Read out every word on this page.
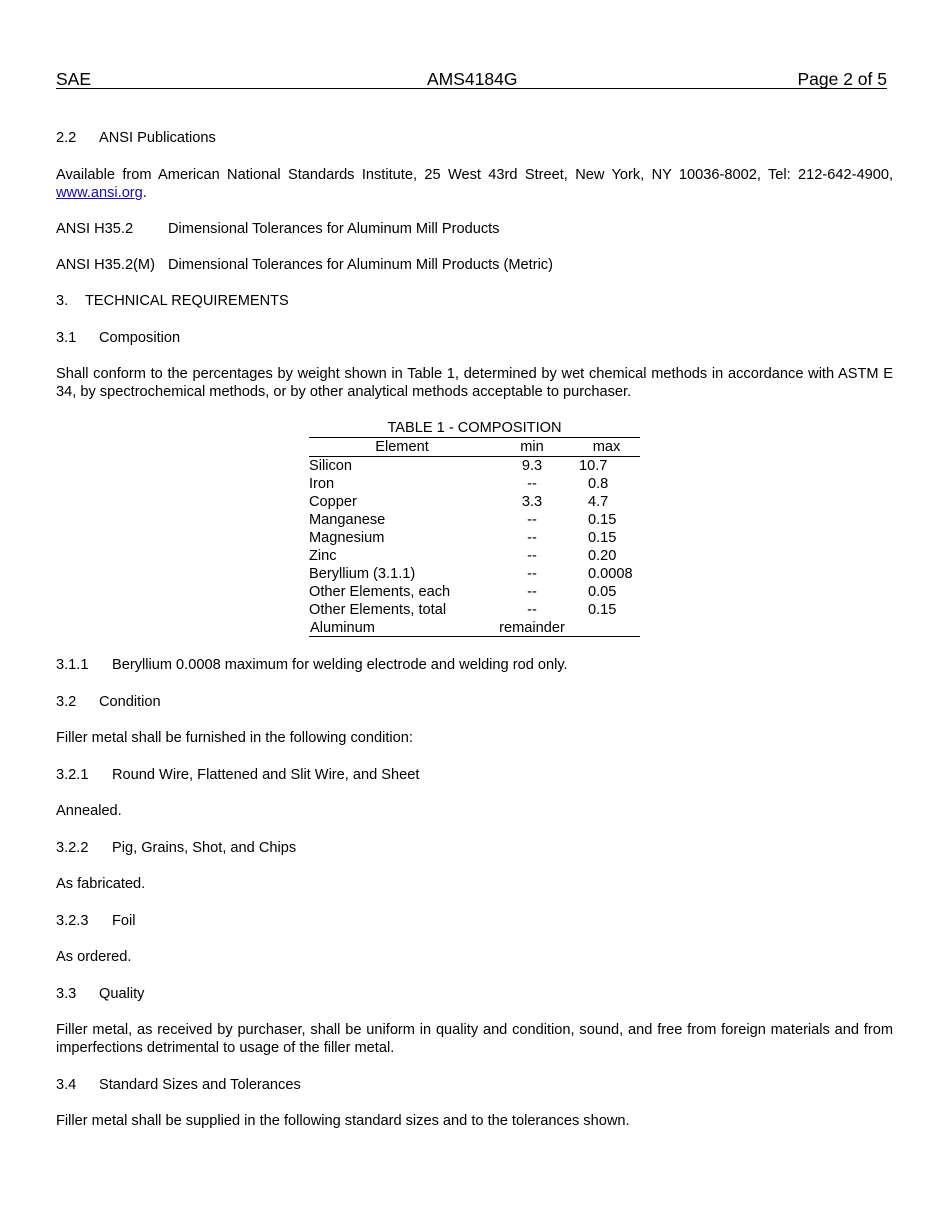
SAE	AMS4184G	Page 2 of 5
2.2 ANSI Publications
Available from American National Standards Institute, 25 West 43rd Street, New York, NY 10036-8002, Tel: 212-642-4900, www.ansi.org.
ANSI H35.2 Dimensional Tolerances for Aluminum Mill Products
ANSI H35.2(M) Dimensional Tolerances for Aluminum Mill Products (Metric)
3. TECHNICAL REQUIREMENTS
3.1 Composition
Shall conform to the percentages by weight shown in Table 1, determined by wet chemical methods in accordance with ASTM E 34, by spectrochemical methods, or by other analytical methods acceptable to purchaser.
TABLE 1 - COMPOSITION
Element	min	max
Silicon	9.3	10.7
Iron	--	0.8
Copper	3.3	4.7
Manganese	--	0.15
Magnesium	--	0.15
Zinc	--	0.20
Beryllium (3.1.1)	--	0.0008
Other Elements, each	--	0.05
Other Elements, total	--	0.15
Aluminum	remainder
3.1.1 Beryllium 0.0008 maximum for welding electrode and welding rod only.
3.2 Condition
Filler metal shall be furnished in the following condition:
3.2.1 Round Wire, Flattened and Slit Wire, and Sheet
Annealed.
3.2.2 Pig, Grains, Shot, and Chips
As fabricated.
3.2.3 Foil
As ordered.
3.3 Quality
Filler metal, as received by purchaser, shall be uniform in quality and condition, sound, and free from foreign materials and from imperfections detrimental to usage of the filler metal.
3.4 Standard Sizes and Tolerances
Filler metal shall be supplied in the following standard sizes and to the tolerances shown.
